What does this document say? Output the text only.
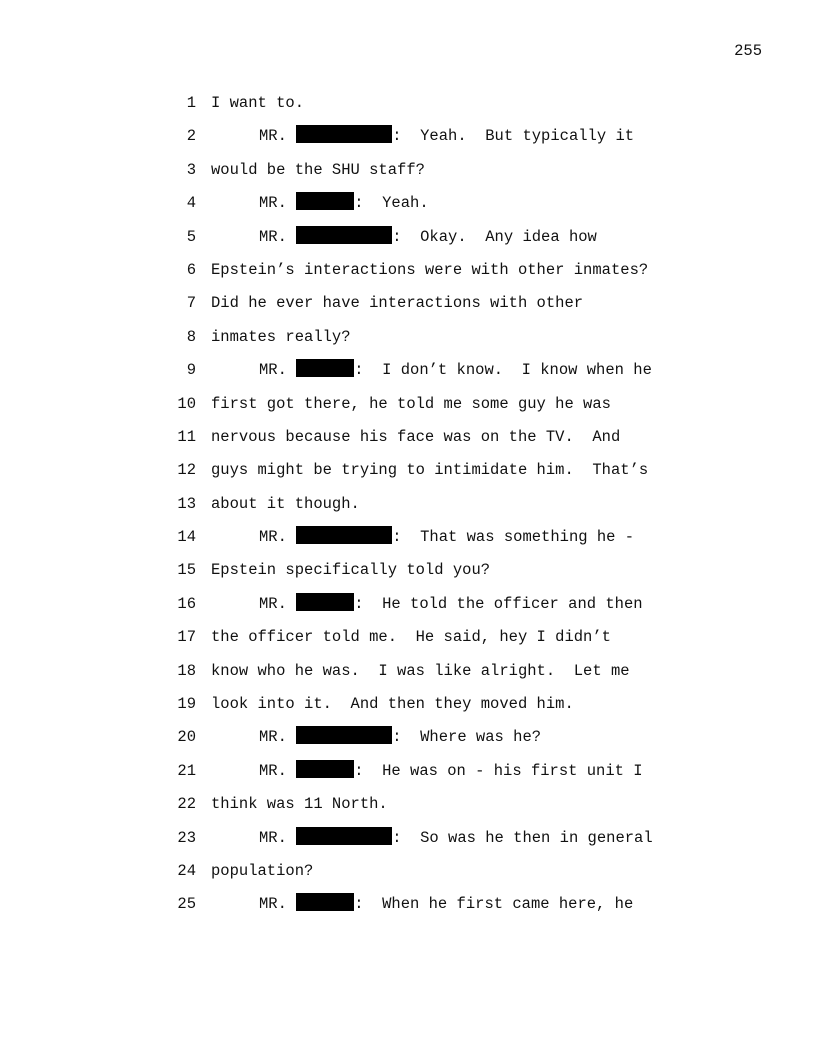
255
1 I want to.
2	MR.	:  Yeah.  But typically it
3 would be the SHU staff?
4	MR.	:  Yeah.
5	MR.	:  Okay.  Any idea how
6 Epstein’s interactions were with other inmates?
7 Did he ever have interactions with other
8 inmates really?
9	MR.	:  I don’t know.  I know when he
10 first got there, he told me some guy he was
11 nervous because his face was on the TV.  And
12 guys might be trying to intimidate him.  That’s
13 about it though.
14	MR.	:  That was something he -
15 Epstein specifically told you?
16	MR.	:  He told the officer and then
17 the officer told me.  He said, hey I didn’t
18 know who he was.  I was like alright.  Let me
19 look into it.  And then they moved him.
20	MR.	:  Where was he?
21	MR.	:  He was on - his first unit I
22 think was 11 North.
23	MR.	:  So was he then in general
24 population?
25	MR.	:  When he first came here, he
